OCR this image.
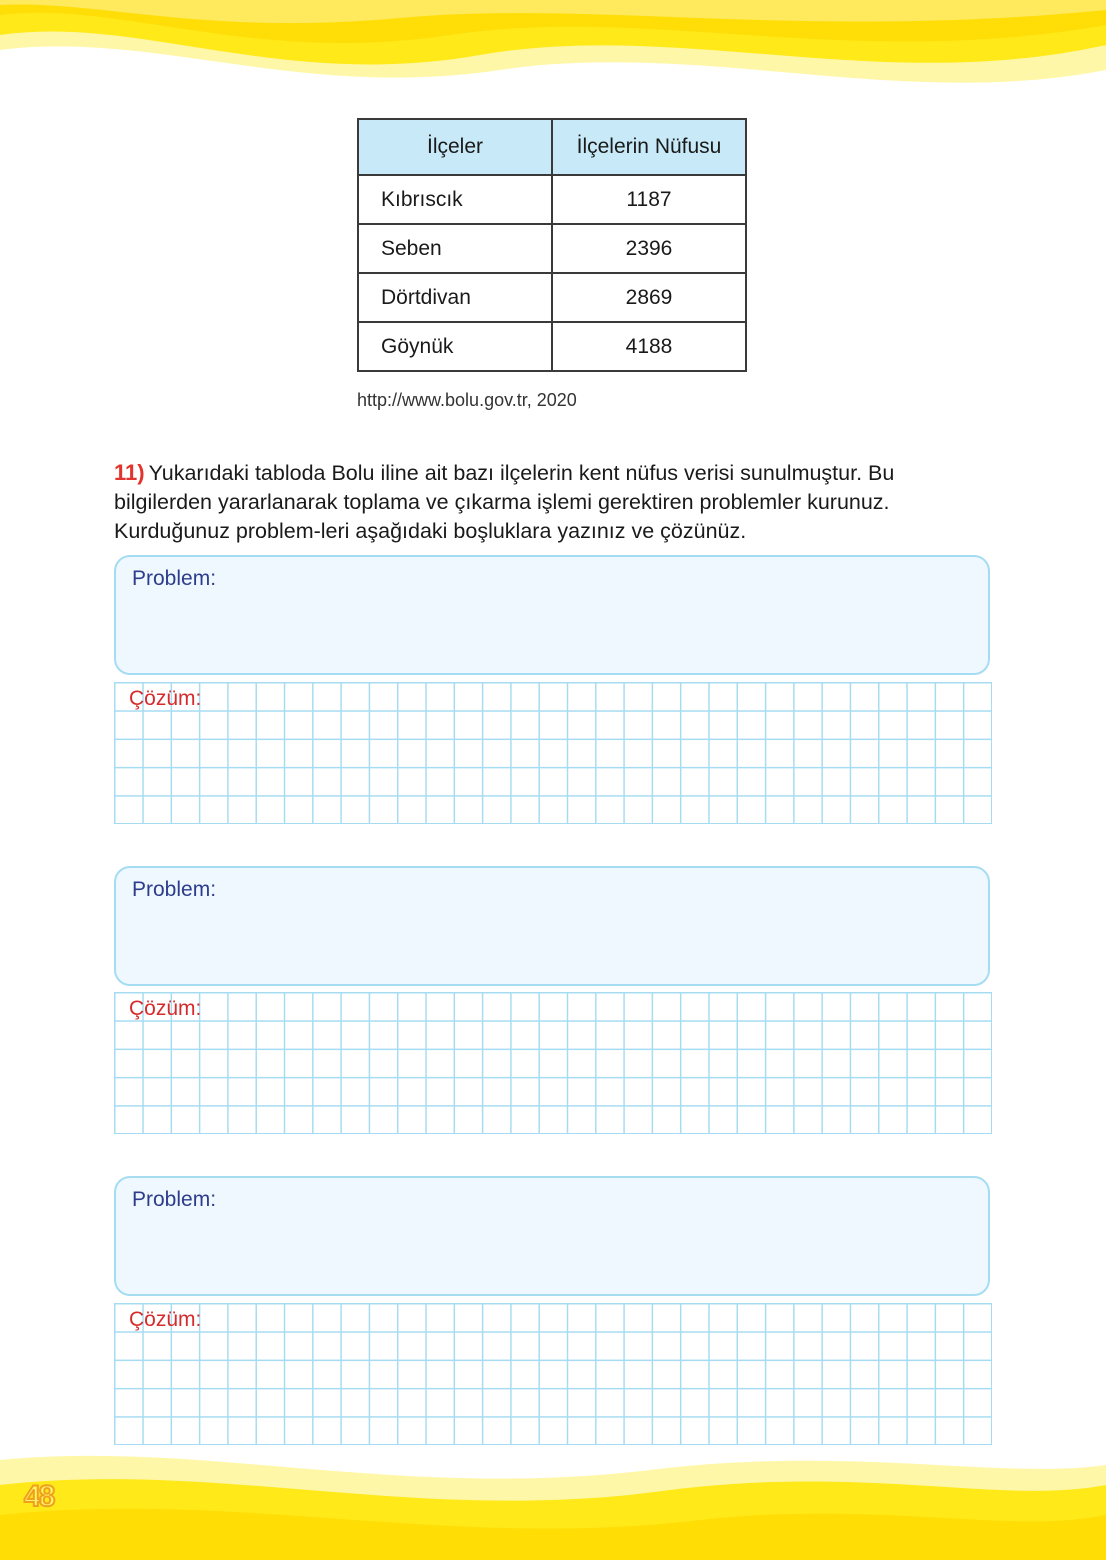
İlçeler	İlçelerin Nüfusu
Kıbrıscık	1187
Seben	2396
Dörtdivan	2869
Göynük	4188
http://www.bolu.gov.tr, 2020
11) Yukarıdaki tabloda Bolu iline ait bazı ilçelerin kent nüfus verisi sunulmuştur. Bu bilgilerden yararlanarak toplama ve çıkarma işlemi gerektiren problemler kurunuz. Kurduğunuz problem-leri aşağıdaki boşluklara yazınız ve çözünüz.
Problem:
Çözüm:
Problem:
Çözüm:
Problem:
Çözüm:
48
